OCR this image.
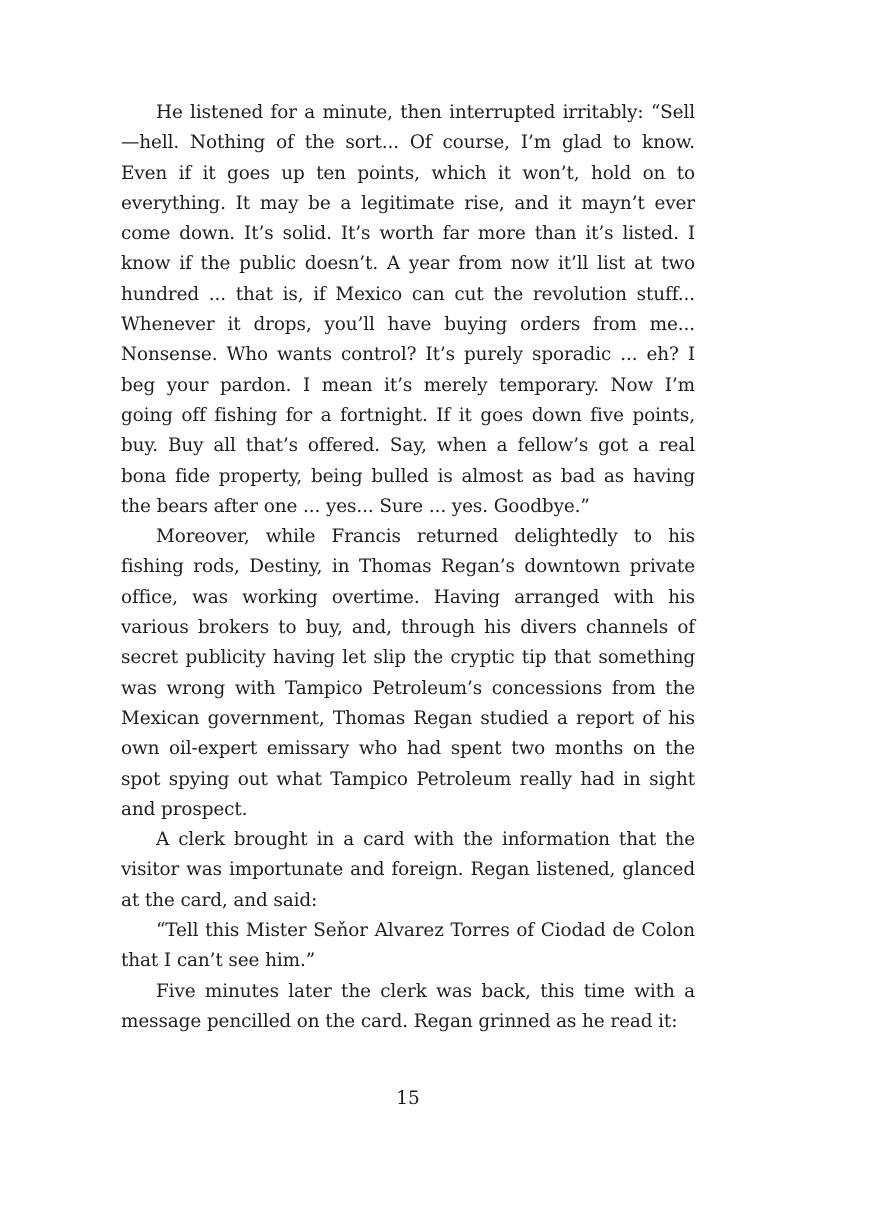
He listened for a minute, then interrupted irritably: “Sell—hell. Nothing of the sort... Of course, I’m glad to know. Even if it goes up ten points, which it won’t, hold on to everything. It may be a legitimate rise, and it mayn’t ever come down. It’s solid. It’s worth far more than it’s listed. I know if the public doesn’t. A year from now it’ll list at two hundred ... that is, if Mexico can cut the revolution stuff... Whenever it drops, you’ll have buying orders from me... Nonsense. Who wants control? It’s purely sporadic ... eh? I beg your pardon. I mean it’s merely temporary. Now I’m going off fishing for a fortnight. If it goes down five points, buy. Buy all that’s offered. Say, when a fellow’s got a real bona fide property, being bulled is almost as bad as having the bears after one ... yes... Sure ... yes. Goodbye.”

Moreover, while Francis returned delightedly to his fishing rods, Destiny, in Thomas Regan’s downtown private office, was working overtime. Having arranged with his various brokers to buy, and, through his divers channels of secret publicity having let slip the cryptic tip that something was wrong with Tampico Petroleum’s concessions from the Mexican government, Thomas Regan studied a report of his own oil-expert emissary who had spent two months on the spot spying out what Tampico Petroleum really had in sight and prospect.

A clerk brought in a card with the information that the visitor was importunate and foreign. Regan listened, glanced at the card, and said:

“Tell this Mister Seňor Alvarez Torres of Ciodad de Colon that I can’t see him.”

Five minutes later the clerk was back, this time with a message pencilled on the card. Regan grinned as he read it:

15
